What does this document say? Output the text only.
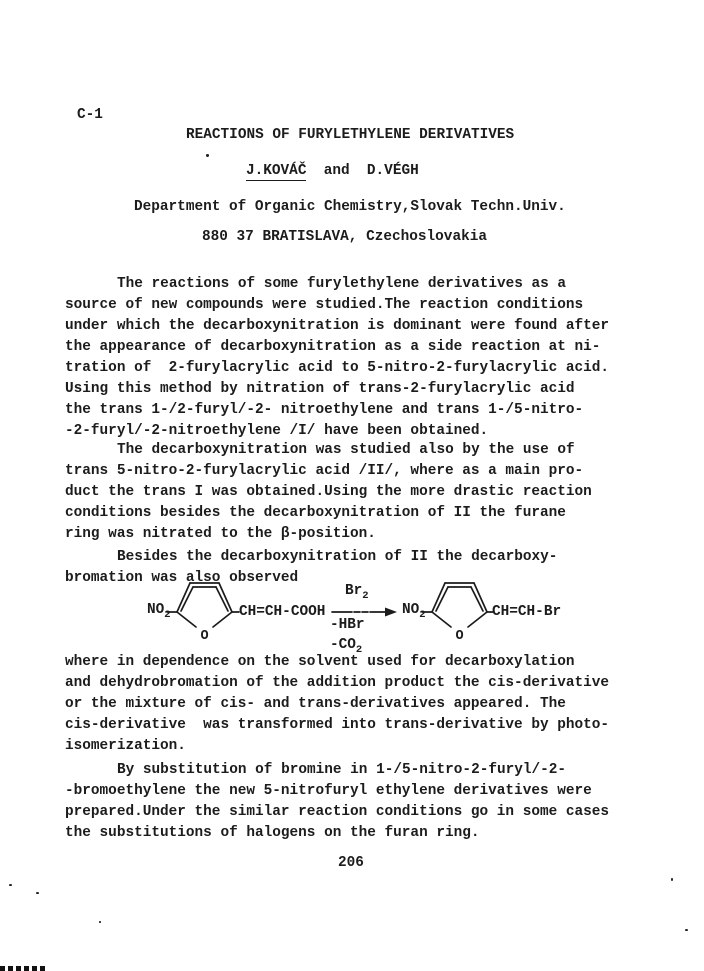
C-1
REACTIONS OF FURYLETHYLENE DERIVATIVES
J.KOVÁČ  and  D.VÉGH
Department of Organic Chemistry,Slovak Techn.Univ.
880 37 BRATISLAVA, Czechoslovakia
The reactions of some furylethylene derivatives as a
source of new compounds were studied.The reaction conditions
under which the decarboxynitration is dominant were found after
the appearance of decarboxynitration as a side reaction at ni-
tration of  2-furylacrylic acid to 5-nitro-2-furylacrylic acid.
Using this method by nitration of trans-2-furylacrylic acid
the trans 1-/2-furyl/-2- nitroethylene and trans 1-/5-nitro-
-2-furyl/-2-nitroethylene /I/ have been obtained.
The decarboxynitration was studied also by the use of
trans 5-nitro-2-furylacrylic acid /II/, where as a main pro-
duct the trans I was obtained.Using the more drastic reaction
conditions besides the decarboxynitration of II the furane
ring was nitrated to the β-position.
Besides the decarboxynitration of II the decarboxy-
bromation was also observed
O	O
$NO_2$	CH=CH-COOH
$Br_2$
-HBr
$-CO_2$
$NO_2$	CH=CH-Br
where in dependence on the solvent used for decarboxylation
and dehydrobromation of the addition product the cis-derivative
or the mixture of cis- and trans-derivatives appeared. The
cis-derivative  was transformed into trans-derivative by photo-
isomerization.
By substitution of bromine in 1-/5-nitro-2-furyl/-2-
-bromoethylene the new 5-nitrofuryl ethylene derivatives were
prepared.Under the similar reaction conditions go in some cases
the substitutions of halogens on the furan ring.
206
